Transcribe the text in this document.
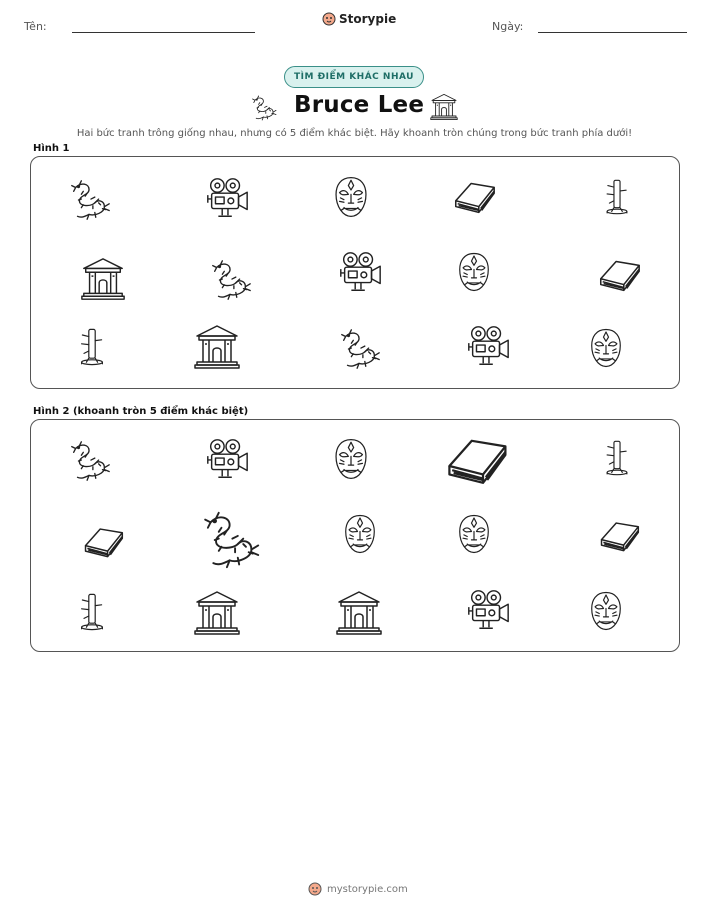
Tên:
Storypie
Ngày:
TÌM ĐIỂM KHÁC NHAU
Bruce Lee
Hai bức tranh trông giống nhau, nhưng có 5 điểm khác biệt. Hãy khoanh tròn chúng trong bức tranh phía dưới!
Hình 1
Hình 2 (khoanh tròn 5 điểm khác biệt)
mystorypie.com
